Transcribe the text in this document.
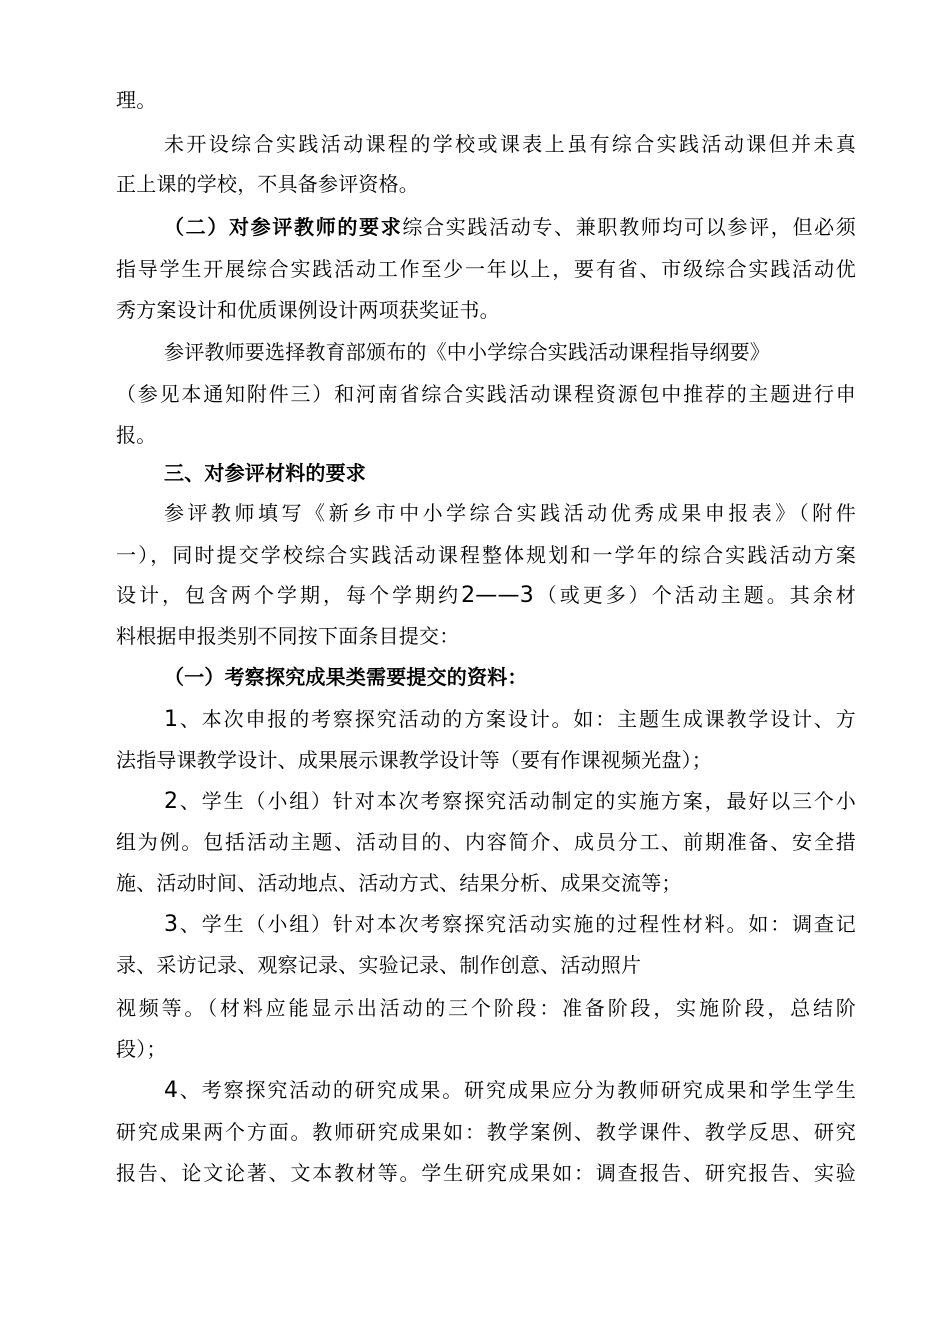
理。
未开设综合实践活动课程的学校或课表上虽有综合实践活动课但并未真
正上课的学校，不具备参评资格。
（二）对参评教师的要求综合实践活动专、兼职教师均可以参评，但必须
指导学生开展综合实践活动工作至少一年以上，要有省、市级综合实践活动优
秀方案设计和优质课例设计两项获奖证书。
参评教师要选择教育部颁布的《中小学综合实践活动课程指导纲要》
（参见本通知附件三）和河南省综合实践活动课程资源包中推荐的主题进行申
报。
三、对参评材料的要求
参评教师填写《新乡市中小学综合实践活动优秀成果申报表》（附件
一），同时提交学校综合实践活动课程整体规划和一学年的综合实践活动方案
设计，包含两个学期，每个学期约2——3（或更多）个活动主题。其余材
料根据申报类别不同按下面条目提交：
（一）考察探究成果类需要提交的资料：
1、本次申报的考察探究活动的方案设计。如：主题生成课教学设计、方
法指导课教学设计、成果展示课教学设计等（要有作课视频光盘）；
2、学生（小组）针对本次考察探究活动制定的实施方案，最好以三个小
组为例。包括活动主题、活动目的、内容简介、成员分工、前期准备、安全措
施、活动时间、活动地点、活动方式、结果分析、成果交流等；
3、学生（小组）针对本次考察探究活动实施的过程性材料。如：调查记
录、采访记录、观察记录、实验记录、制作创意、活动照片
视频等。（材料应能显示出活动的三个阶段：准备阶段，实施阶段，总结阶
段）；
4、考察探究活动的研究成果。研究成果应分为教师研究成果和学生学生
研究成果两个方面。教师研究成果如：教学案例、教学课件、教学反思、研究
报告、论文论著、文本教材等。学生研究成果如：调查报告、研究报告、实验
